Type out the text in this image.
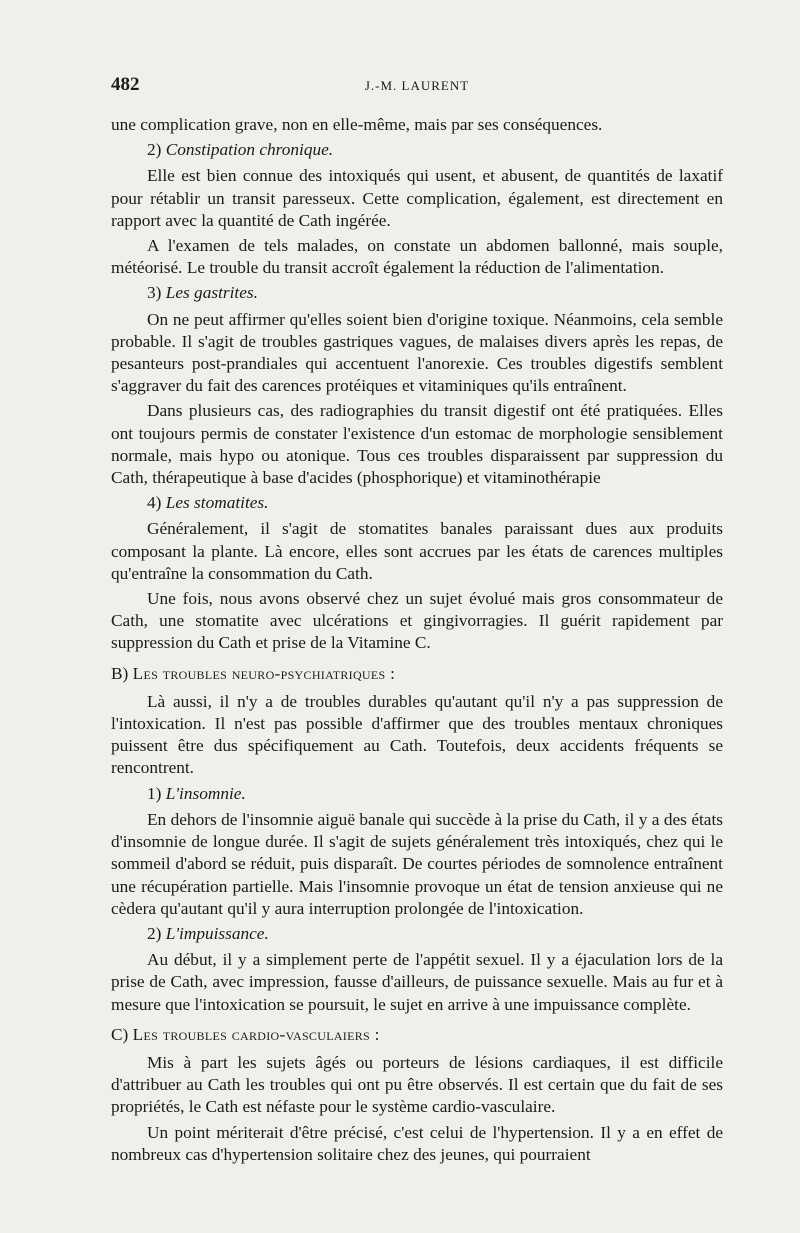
482	J.-M. LAURENT
une complication grave, non en elle-même, mais par ses conséquences.
2) Constipation chronique.
Elle est bien connue des intoxiqués qui usent, et abusent, de quantités de laxatif pour rétablir un transit paresseux. Cette complication, également, est directement en rapport avec la quantité de Cath ingérée.
A l'examen de tels malades, on constate un abdomen ballonné, mais souple, météorisé. Le trouble du transit accroît également la réduction de l'alimentation.
3) Les gastrites.
On ne peut affirmer qu'elles soient bien d'origine toxique. Néanmoins, cela semble probable. Il s'agit de troubles gastriques vagues, de malaises divers après les repas, de pesanteurs post-prandiales qui accentuent l'anorexie. Ces troubles digestifs semblent s'aggraver du fait des carences protéiques et vitaminiques qu'ils entraînent.
Dans plusieurs cas, des radiographies du transit digestif ont été pratiquées. Elles ont toujours permis de constater l'existence d'un estomac de morphologie sensiblement normale, mais hypo ou atonique. Tous ces troubles disparaissent par suppression du Cath, thérapeutique à base d'acides (phosphorique) et vitaminothérapie
4) Les stomatites.
Généralement, il s'agit de stomatites banales paraissant dues aux produits composant la plante. Là encore, elles sont accrues par les états de carences multiples qu'entraîne la consommation du Cath.
Une fois, nous avons observé chez un sujet évolué mais gros consommateur de Cath, une stomatite avec ulcérations et gingivorragies. Il guérit rapidement par suppression du Cath et prise de la Vitamine C.
B) Les troubles neuro-psychiatriques :
Là aussi, il n'y a de troubles durables qu'autant qu'il n'y a pas suppression de l'intoxication. Il n'est pas possible d'affirmer que des troubles mentaux chroniques puissent être dus spécifiquement au Cath. Toutefois, deux accidents fréquents se rencontrent.
1) L'insomnie.
En dehors de l'insomnie aiguë banale qui succède à la prise du Cath, il y a des états d'insomnie de longue durée. Il s'agit de sujets généralement très intoxiqués, chez qui le sommeil d'abord se réduit, puis disparaît. De courtes périodes de somnolence entraînent une récupération partielle. Mais l'insomnie provoque un état de tension anxieuse qui ne cèdera qu'autant qu'il y aura interruption prolongée de l'intoxication.
2) L'impuissance.
Au début, il y a simplement perte de l'appétit sexuel. Il y a éjaculation lors de la prise de Cath, avec impression, fausse d'ailleurs, de puissance sexuelle. Mais au fur et à mesure que l'intoxication se poursuit, le sujet en arrive à une impuissance complète.
C) Les troubles cardio-vasculaiers :
Mis à part les sujets âgés ou porteurs de lésions cardiaques, il est difficile d'attribuer au Cath les troubles qui ont pu être observés. Il est certain que du fait de ses propriétés, le Cath est néfaste pour le système cardio-vasculaire.
Un point mériterait d'être précisé, c'est celui de l'hypertension. Il y a en effet de nombreux cas d'hypertension solitaire chez des jeunes, qui pourraient
